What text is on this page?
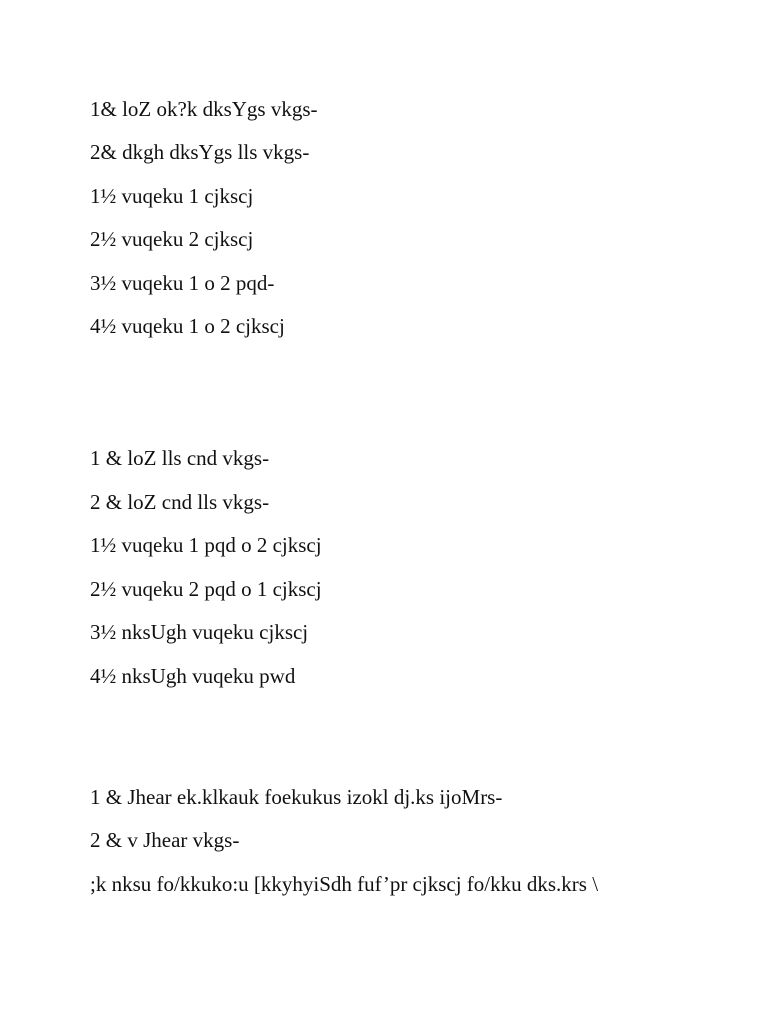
1& loZ ok?k dksYgs vkgs-
2& dkgh dksYgs lls vkgs-
1½ vuqeku 1 cjkscj
2½ vuqeku 2 cjkscj
3½ vuqeku 1 o 2 pqd-
4½ vuqeku 1 o 2 cjkscj
1 & loZ lls cnd vkgs-
2 & loZ cnd lls vkgs-
1½ vuqeku 1 pqd o 2 cjkscj
2½ vuqeku 2 pqd o 1 cjkscj
3½ nksUgh vuqeku cjkscj
4½ nksUgh vuqeku pwd
1 & Jhear ek.klkauk foekukus izokl dj.ks ijoMrs-
2 & v Jhear vkgs-
;k nksu fo/kkuko:u [kkyhyiSdh fuf’pr cjkscj fo/kku dks.krs \
